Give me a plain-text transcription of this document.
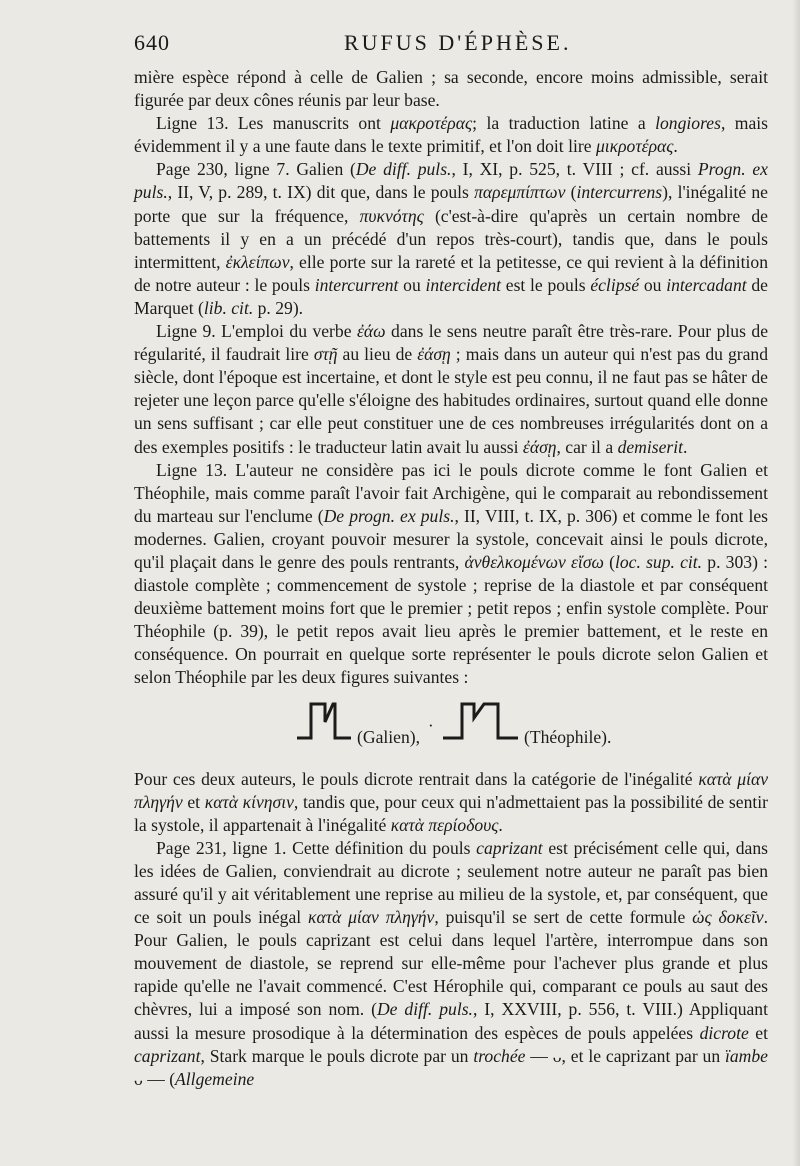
640	RUFUS D'ÉPHÈSE.

mière espèce répond à celle de Galien ; sa seconde, encore moins admissible, serait figurée par deux cônes réunis par leur base.

Ligne 13. Les manuscrits ont μακροτέρας; la traduction latine a longiores, mais évidemment il y a une faute dans le texte primitif, et l'on doit lire μικροτέρας.

Page 230, ligne 7. Galien (De diff. puls., I, XI, p. 525, t. VIII ; cf. aussi Progn. ex puls., II, V, p. 289, t. IX) dit que, dans le pouls παρεμπίπτων (intercurrens), l'inégalité ne porte que sur la fréquence, πυκνότης (c'est-à-dire qu'après un certain nombre de battements il y en a un précédé d'un repos très-court), tandis que, dans le pouls intermittent, ἐκλείπων, elle porte sur la rareté et la petitesse, ce qui revient à la définition de notre auteur : le pouls intercurrent ou intercident est le pouls éclipsé ou intercadant de Marquet (lib. cit. p. 29).

Ligne 9. L'emploi du verbe ἐάω dans le sens neutre paraît être très-rare. Pour plus de régularité, il faudrait lire στῇ au lieu de ἐάσῃ ; mais dans un auteur qui n'est pas du grand siècle, dont l'époque est incertaine, et dont le style est peu connu, il ne faut pas se hâter de rejeter une leçon parce qu'elle s'éloigne des habitudes ordinaires, surtout quand elle donne un sens suffisant ; car elle peut constituer une de ces nombreuses irrégularités dont on a des exemples positifs : le traducteur latin avait lu aussi ἐάσῃ, car il a demiserit.

Ligne 13. L'auteur ne considère pas ici le pouls dicrote comme le font Galien et Théophile, mais comme paraît l'avoir fait Archigène, qui le comparait au rebondissement du marteau sur l'enclume (De progn. ex puls., II, VIII, t. IX, p. 306) et comme le font les modernes. Galien, croyant pouvoir mesurer la systole, concevait ainsi le pouls dicrote, qu'il plaçait dans le genre des pouls rentrants, ἀνθελκομένων εἴσω (loc. sup. cit. p. 303) : diastole complète ; commencement de systole ; reprise de la diastole et par conséquent deuxième battement moins fort que le premier ; petit repos ; enfin systole complète. Pour Théophile (p. 39), le petit repos avait lieu après le premier battement, et le reste en conséquence. On pourrait en quelque sorte représenter le pouls dicrote selon Galien et selon Théophile par les deux figures suivantes :

(Galien),
·
(Théophile).

Pour ces deux auteurs, le pouls dicrote rentrait dans la catégorie de l'inégalité κατὰ μίαν πληγήν et κατὰ κίνησιν, tandis que, pour ceux qui n'admettaient pas la possibilité de sentir la systole, il appartenait à l'inégalité κατὰ περίοδους.

Page 231, ligne 1. Cette définition du pouls caprizant est précisément celle qui, dans les idées de Galien, conviendrait au dicrote ; seulement notre auteur ne paraît pas bien assuré qu'il y ait véritablement une reprise au milieu de la systole, et, par conséquent, que ce soit un pouls inégal κατὰ μίαν πληγήν, puisqu'il se sert de cette formule ὡς δοκεῖν. Pour Galien, le pouls caprizant est celui dans lequel l'artère, interrompue dans son mouvement de diastole, se reprend sur elle-même pour l'achever plus grande et plus rapide qu'elle ne l'avait commencé. C'est Hérophile qui, comparant ce pouls au saut des chèvres, lui a imposé son nom. (De diff. puls., I, XXVIII, p. 556, t. VIII.) Appliquant aussi la mesure prosodique à la détermination des espèces de pouls appelées dicrote et caprizant, Stark marque le pouls dicrote par un trochée — ᴗ, et le caprizant par un ïambe ᴗ — (Allgemeine
